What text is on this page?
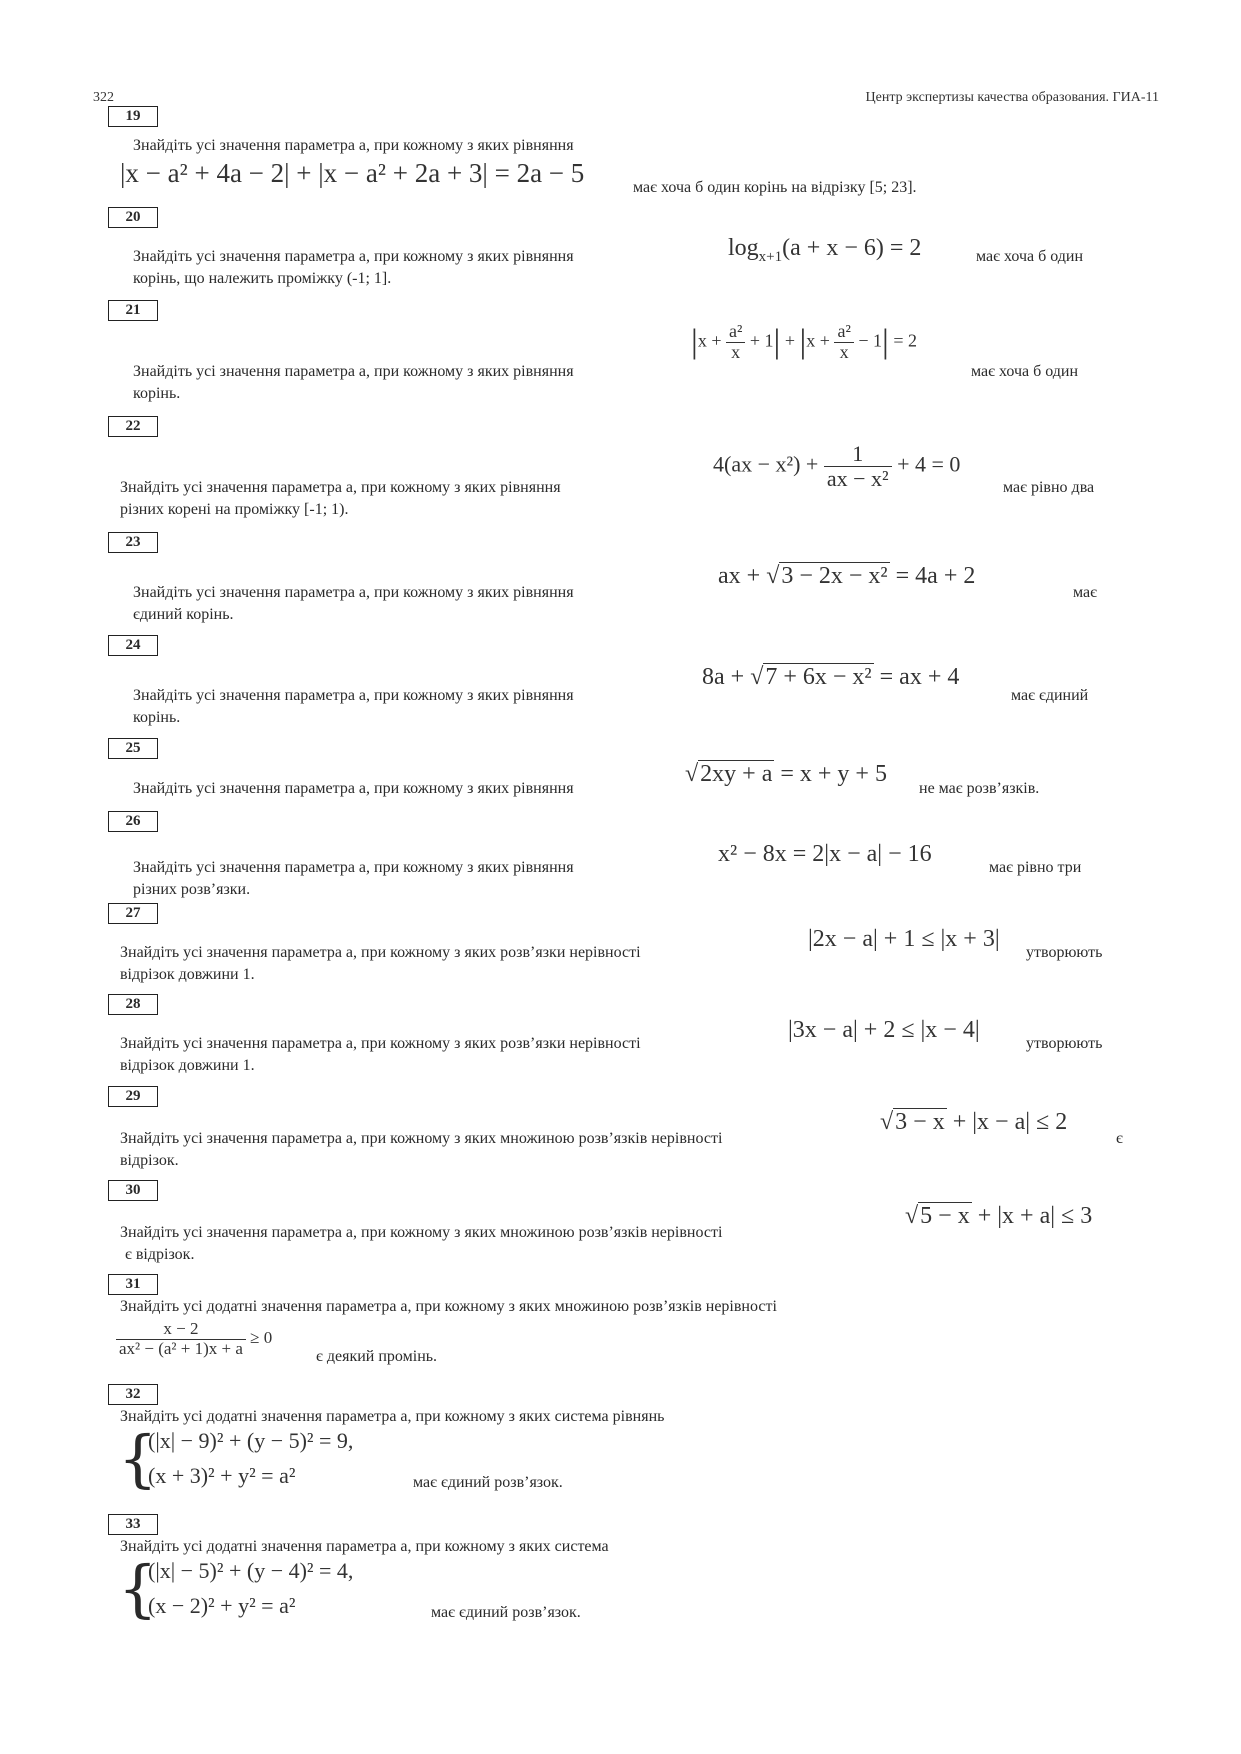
322	Центр экспертизы качества образования. ГИА-11
19
Знайдіть усі значення параметра a, при кожному з яких рівняння
|x − a² + 4a − 2| + |x − a² + 2a + 3| = 2a − 5	має хоча б один корінь на відрізку [5; 23].
20
Знайдіть усі значення параметра a, при кожному з яких рівняння	$\log_{x+1}(a + x - 6) = 2$	має хоча б один
корінь, що належить проміжку (-1; 1].
21
Знайдіть усі значення параметра a, при кожному з яких рівняння
$|x + \frac{\text{a²}}{x} + 1| + |x + \frac{\text{a²}}{x} - 1| = 2$
має хоча б один
корінь.
22
Знайдіть усі значення параметра a, при кожному з яких рівняння
$4(ax - x^2) + \frac{1}{\text{ax − x²}} + 4 = 0$
має рівно два
різних корені на проміжку [-1; 1).
23
Знайдіть усі значення параметра a, при кожному з яких рівняння
ax + √3 − 2x − x² = 4a + 2
має
єдиний корінь.
24
Знайдіть усі значення параметра a, при кожному з яких рівняння
8a + √7 + 6x − x² = ax + 4
має єдиний
корінь.
25
Знайдіть усі значення параметра a, при кожному з яких рівняння
√2xy + a = x + y + 5
не має розв’язків.
26
Знайдіть усі значення параметра a, при кожному з яких рівняння
x² − 8x = 2|x − a| − 16
має рівно три
різних розв’язки.
27
Знайдіть усі значення параметра a, при кожному з яких розв’язки нерівності
|2x − a| + 1 ≤ |x + 3|
утворюють
відрізок довжини 1.
28
Знайдіть усі значення параметра a, при кожному з яких розв’язки нерівності
|3x − a| + 2 ≤ |x − 4|
утворюють
відрізок довжини 1.
29
Знайдіть усі значення параметра а, при кожному з яких множиною розв’язків нерівності
√3 − x + |x − a| ≤ 2
є
відрізок.
30
Знайдіть усі значення параметра a, при кожному з яких множиною розв’язків нерівності
√5 − x + |x + a| ≤ 3
є відрізок.
31
Знайдіть усі додатні значення параметра a, при кожному з яких множиною розв’язків нерівності
$\frac{x - 2}{\text{ax² − (a² + 1)x + a}} \ge 0$
є деякий промінь.
32
Знайдіть усі додатні значення параметра a, при кожному з яких система рівнянь
{
(|x| − 9)² + (y − 5)² = 9,
(x + 3)² + y² = a²	має єдиний розв’язок.
33
Знайдіть усі додатні значення параметра a, при кожному з яких система
{
(|x| − 5)² + (y − 4)² = 4,
(x − 2)² + y² = a²	має єдиний розв’язок.
